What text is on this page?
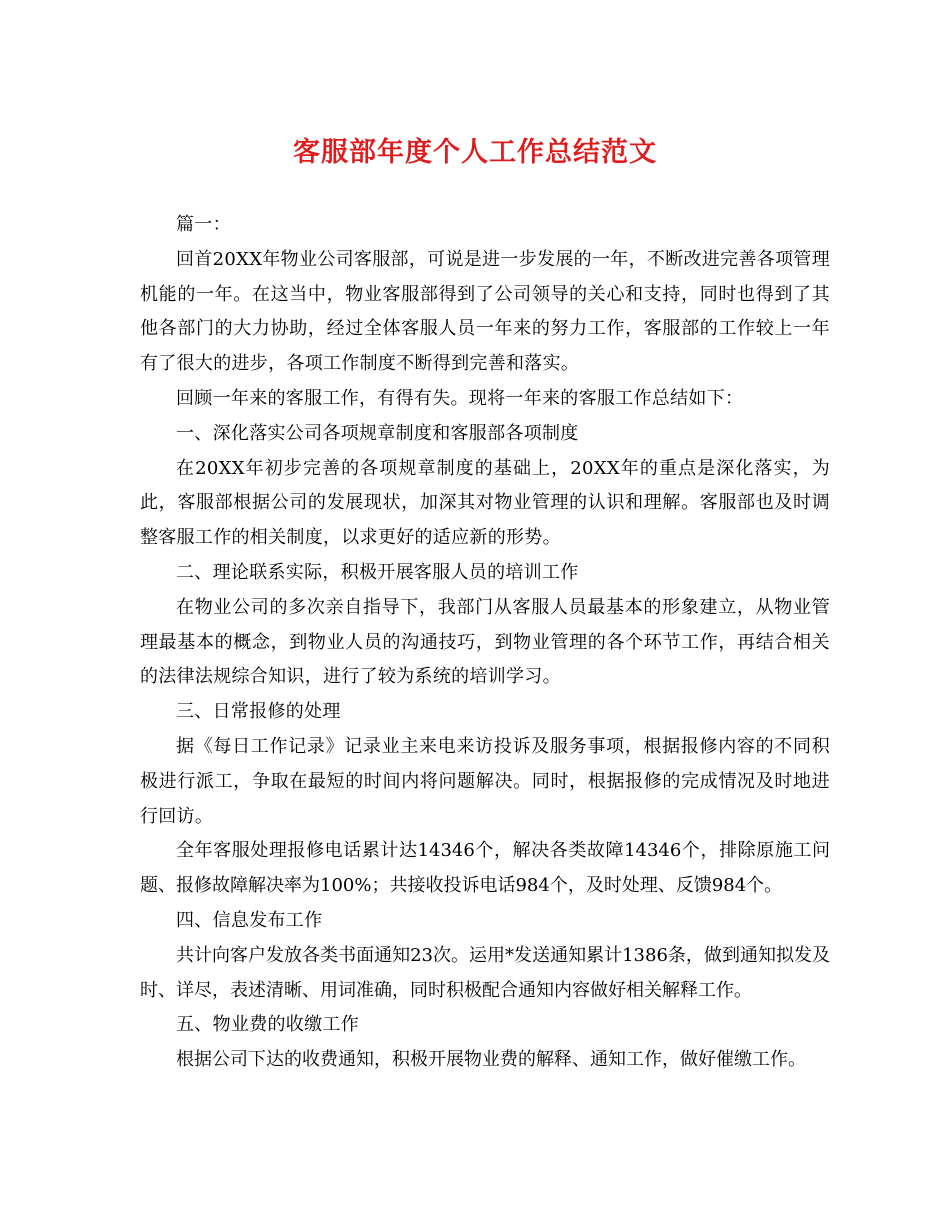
客服部年度个人工作总结范文

篇一：

回首20XX年物业公司客服部，可说是进一步发展的一年，不断改进完善各项管理机能的一年。在这当中，物业客服部得到了公司领导的关心和支持，同时也得到了其他各部门的大力协助，经过全体客服人员一年来的努力工作，客服部的工作较上一年有了很大的进步，各项工作制度不断得到完善和落实。

回顾一年来的客服工作，有得有失。现将一年来的客服工作总结如下：

一、深化落实公司各项规章制度和客服部各项制度

在20XX年初步完善的各项规章制度的基础上，20XX年的重点是深化落实，为此，客服部根据公司的发展现状，加深其对物业管理的认识和理解。客服部也及时调整客服工作的相关制度，以求更好的适应新的形势。

二、理论联系实际，积极开展客服人员的培训工作

在物业公司的多次亲自指导下，我部门从客服人员最基本的形象建立，从物业管理最基本的概念，到物业人员的沟通技巧，到物业管理的各个环节工作，再结合相关的法律法规综合知识，进行了较为系统的培训学习。

三、日常报修的处理

据《每日工作记录》记录业主来电来访投诉及服务事项，根据报修内容的不同积极进行派工，争取在最短的时间内将问题解决。同时，根据报修的完成情况及时地进行回访。

全年客服处理报修电话累计达14346个，解决各类故障14346个，排除原施工问题、报修故障解决率为100%；共接收投诉电话984个，及时处理、反馈984个。

四、信息发布工作

共计向客户发放各类书面通知23次。运用*发送通知累计1386条，做到通知拟发及时、详尽，表述清晰、用词准确，同时积极配合通知内容做好相关解释工作。

五、物业费的收缴工作

根据公司下达的收费通知，积极开展物业费的解释、通知工作，做好催缴工作。
